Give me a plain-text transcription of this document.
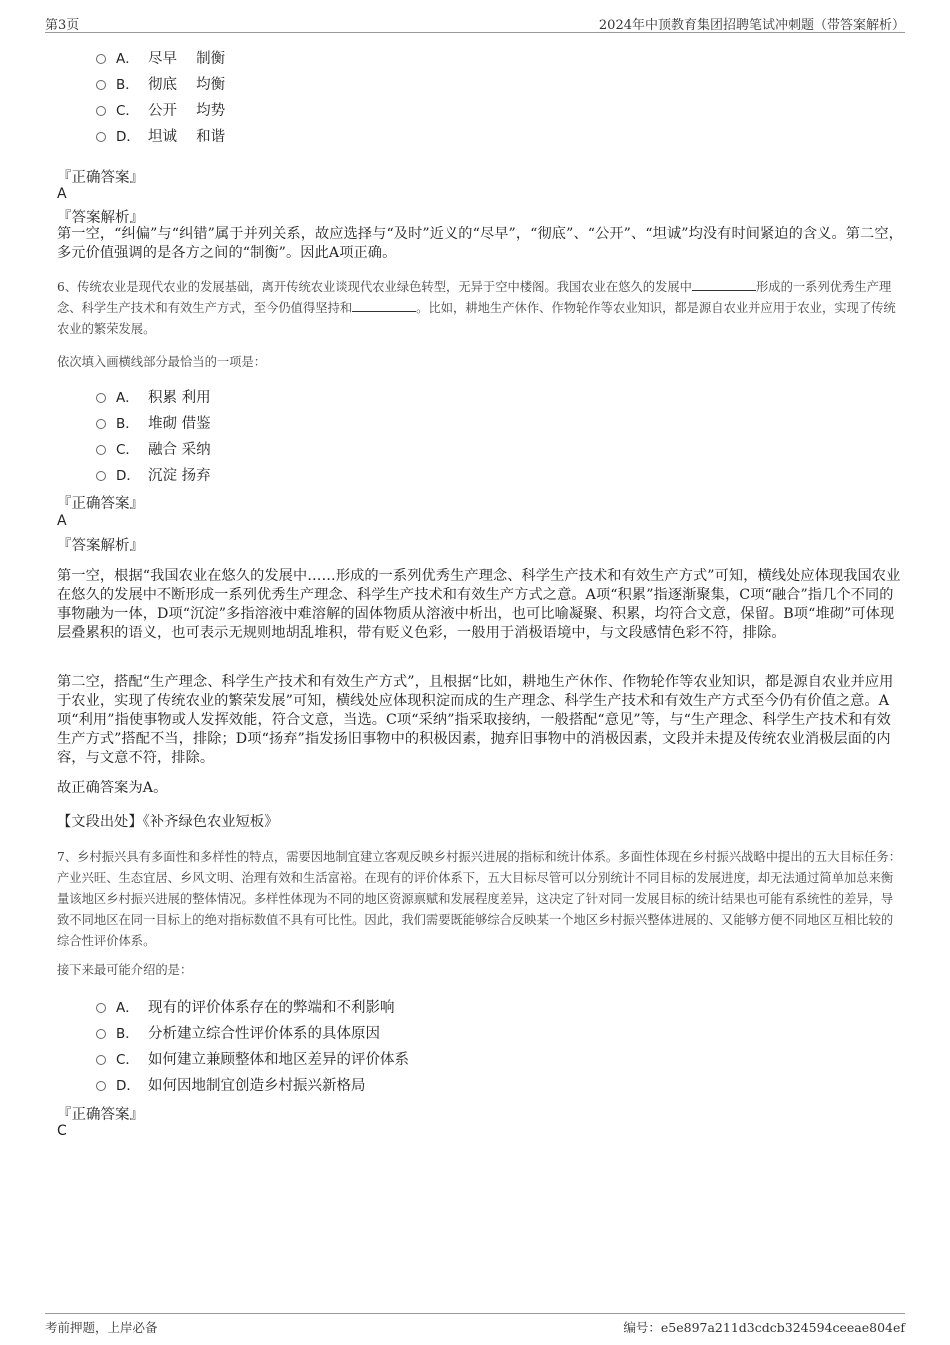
第3页	2024年中顶教育集团招聘笔试冲刺题（带答案解析）
A． 尽早　 制衡
B． 彻底　 均衡
C． 公开　 均势
D． 坦诚　 和谐
『正确答案』
A
『答案解析』
第一空，“纠偏”与“纠错”属于并列关系，故应选择与“及时”近义的“尽早”，“彻底”、“公开”、“坦诚”均没有时间紧迫的含义。第二空，多元价值强调的是各方之间的“制衡”。因此A项正确。
6、传统农业是现代农业的发展基础，离开传统农业谈现代农业绿色转型，无异于空中楼阁。我国农业在悠久的发展中	形成的一系列优秀生产理念、科学生产技术和有效生产方式，至今仍值得坚持和	。比如，耕地生产休作、作物轮作等农业知识，都是源自农业并应用于农业，实现了传统农业的繁荣发展。
依次填入画横线部分最恰当的一项是：
A． 积累 利用
B． 堆砌 借鉴
C． 融合 采纳
D． 沉淀 扬弃
『正确答案』
A
『答案解析』
第一空，根据“我国农业在悠久的发展中……形成的一系列优秀生产理念、科学生产技术和有效生产方式”可知，横线处应体现我国农业在悠久的发展中不断形成一系列优秀生产理念、科学生产技术和有效生产方式之意。A项“积累”指逐渐聚集，C项“融合”指几个不同的事物融为一体，D项“沉淀”多指溶液中难溶解的固体物质从溶液中析出，也可比喻凝聚、积累，均符合文意，保留。B项“堆砌”可体现层叠累积的语义，也可表示无规则地胡乱堆积，带有贬义色彩，一般用于消极语境中，与文段感情色彩不符，排除。
第二空，搭配“生产理念、科学生产技术和有效生产方式”，且根据“比如，耕地生产休作、作物轮作等农业知识，都是源自农业并应用于农业，实现了传统农业的繁荣发展”可知，横线处应体现积淀而成的生产理念、科学生产技术和有效生产方式至今仍有价值之意。A项“利用”指使事物或人发挥效能，符合文意，当选。C项“采纳”指采取接纳，一般搭配“意见”等，与“生产理念、科学生产技术和有效生产方式”搭配不当，排除；D项“扬弃”指发扬旧事物中的积极因素，抛弃旧事物中的消极因素，文段并未提及传统农业消极层面的内容，与文意不符，排除。
故正确答案为A。
【文段出处】《补齐绿色农业短板》
7、乡村振兴具有多面性和多样性的特点，需要因地制宜建立客观反映乡村振兴进展的指标和统计体系。多面性体现在乡村振兴战略中提出的五大目标任务：产业兴旺、生态宜居、乡风文明、治理有效和生活富裕。在现有的评价体系下，五大目标尽管可以分别统计不同目标的发展进度，却无法通过简单加总来衡量该地区乡村振兴进展的整体情况。多样性体现为不同的地区资源禀赋和发展程度差异，这决定了针对同一发展目标的统计结果也可能有系统性的差异，导致不同地区在同一目标上的绝对指标数值不具有可比性。因此，我们需要既能够综合反映某一个地区乡村振兴整体进展的、又能够方便不同地区互相比较的综合性评价体系。
接下来最可能介绍的是：
A． 现有的评价体系存在的弊端和不利影响
B． 分析建立综合性评价体系的具体原因
C． 如何建立兼顾整体和地区差异的评价体系
D． 如何因地制宜创造乡村振兴新格局
『正确答案』
C
考前押题，上岸必备	编号：e5e897a211d3cdcb324594ceeae804ef
